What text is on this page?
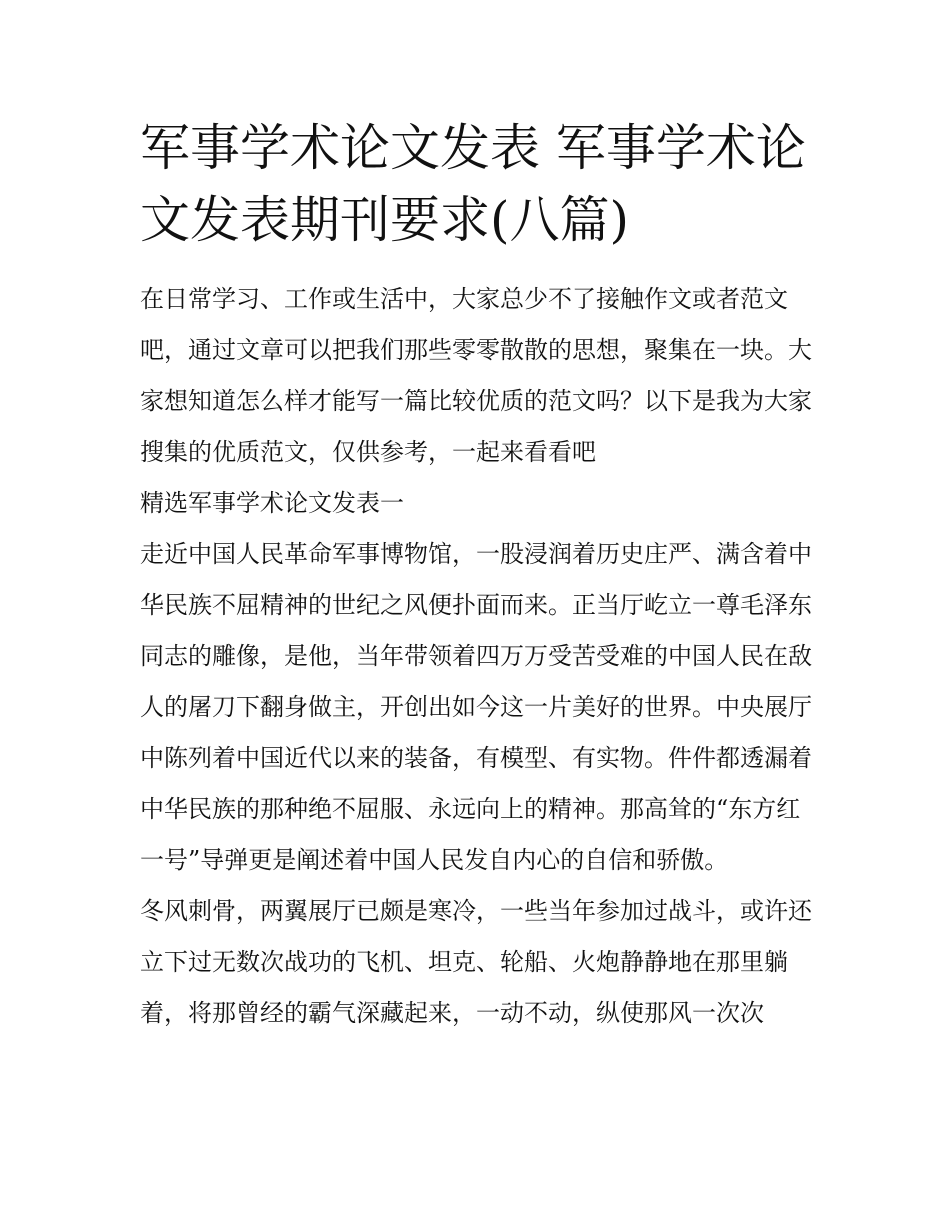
军事学术论文发表 军事学术论文发表期刊要求(八篇)

在日常学习、工作或生活中，大家总少不了接触作文或者范文吧，通过文章可以把我们那些零零散散的思想，聚集在一块。大家想知道怎么样才能写一篇比较优质的范文吗？以下是我为大家搜集的优质范文，仅供参考，一起来看看吧

精选军事学术论文发表一

走近中国人民革命军事博物馆，一股浸润着历史庄严、满含着中华民族不屈精神的世纪之风便扑面而来。正当厅屹立一尊毛泽东同志的雕像，是他，当年带领着四万万受苦受难的中国人民在敌人的屠刀下翻身做主，开创出如今这一片美好的世界。中央展厅中陈列着中国近代以来的装备，有模型、有实物。件件都透漏着中华民族的那种绝不屈服、永远向上的精神。那高耸的“东方红一号”导弹更是阐述着中国人民发自内心的自信和骄傲。

冬风刺骨，两翼展厅已颇是寒冷，一些当年参加过战斗，或许还立下过无数次战功的飞机、坦克、轮船、火炮静静地在那里躺着，将那曾经的霸气深藏起来，一动不动，纵使那风一次次
